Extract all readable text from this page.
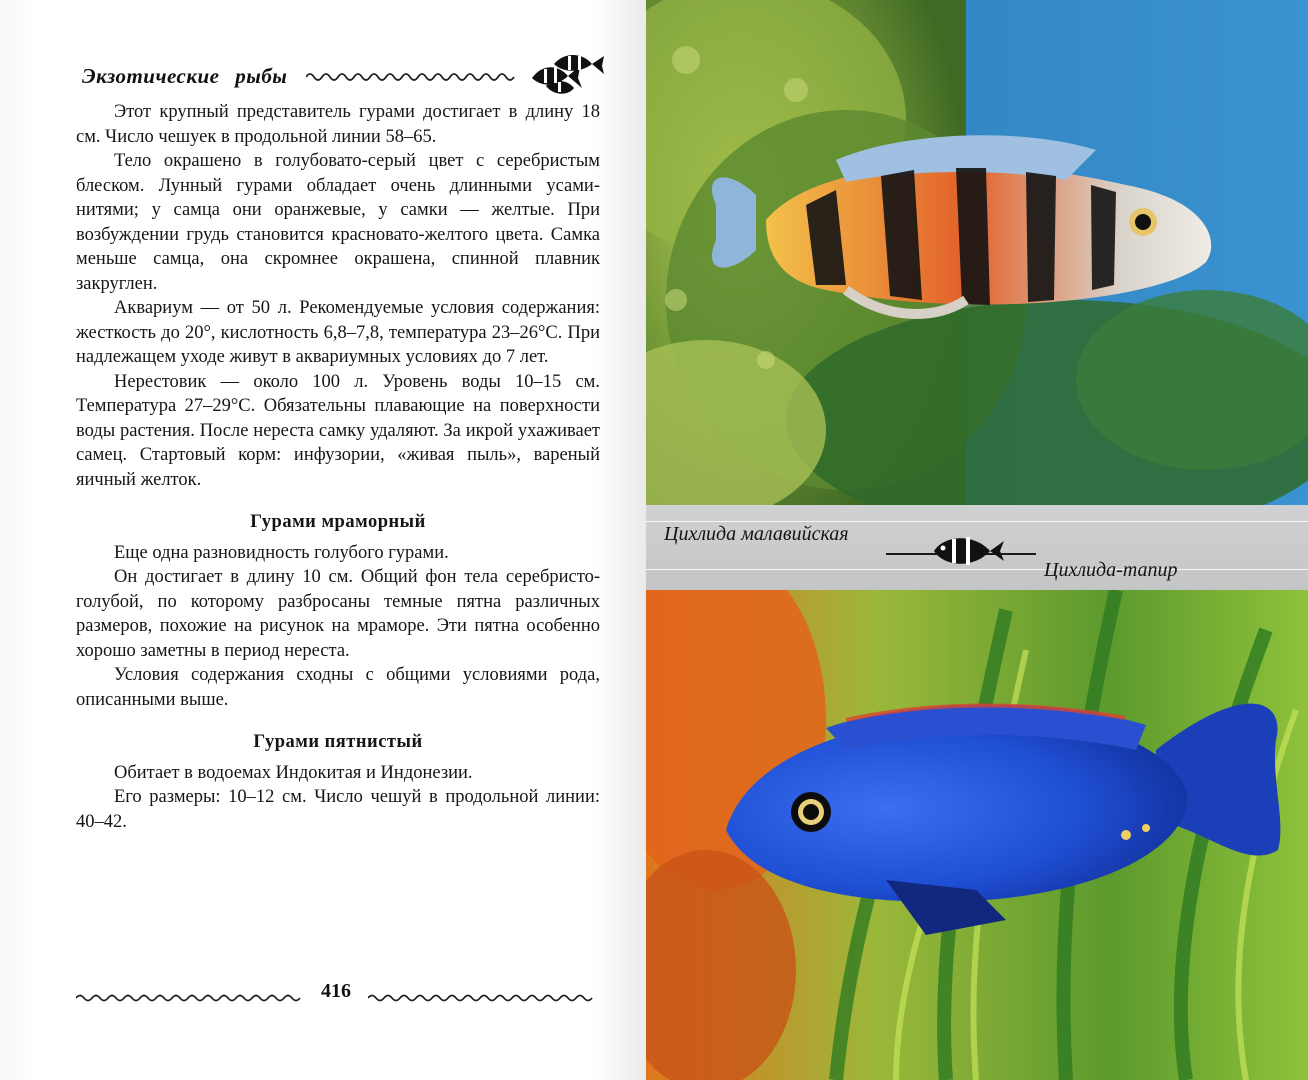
Экзотические рыбы

Этот крупный представитель гурами достигает в длину 18 см. Число чешуек в продольной линии 58–65.

Тело окрашено в голубовато-серый цвет с серебристым блеском. Лунный гурами обладает очень длинными усами-нитями; у самца они оранжевые, у самки — желтые. При возбуждении грудь становится красновато-желтого цвета. Самка меньше самца, она скромнее окрашена, спинной плавник закруглен.

Аквариум — от 50 л. Рекомендуемые условия содержания: жесткость до 20°, кислотность 6,8–7,8, температура 23–26°С. При надлежащем уходе живут в аквариумных условиях до 7 лет.

Нерестовик — около 100 л. Уровень воды 10–15 см. Температура 27–29°С. Обязательны плавающие на поверхности воды растения. После нереста самку удаляют. За икрой ухаживает самец. Стартовый корм: инфузории, «живая пыль», вареный яичный желток.

Гурами мраморный

Еще одна разновидность голубого гурами.

Он достигает в длину 10 см. Общий фон тела серебристо-голубой, по которому разбросаны темные пятна различных размеров, похожие на рисунок на мраморе. Эти пятна особенно хорошо заметны в период нереста.

Условия содержания сходны с общими условиями рода, описанными выше.

Гурами пятнистый

Обитает в водоемах Индокитая и Индонезии.

Его размеры: 10–12 см. Число чешуй в продольной линии: 40–42.

416
Цихлида малавийская
Цихлида-тапир
